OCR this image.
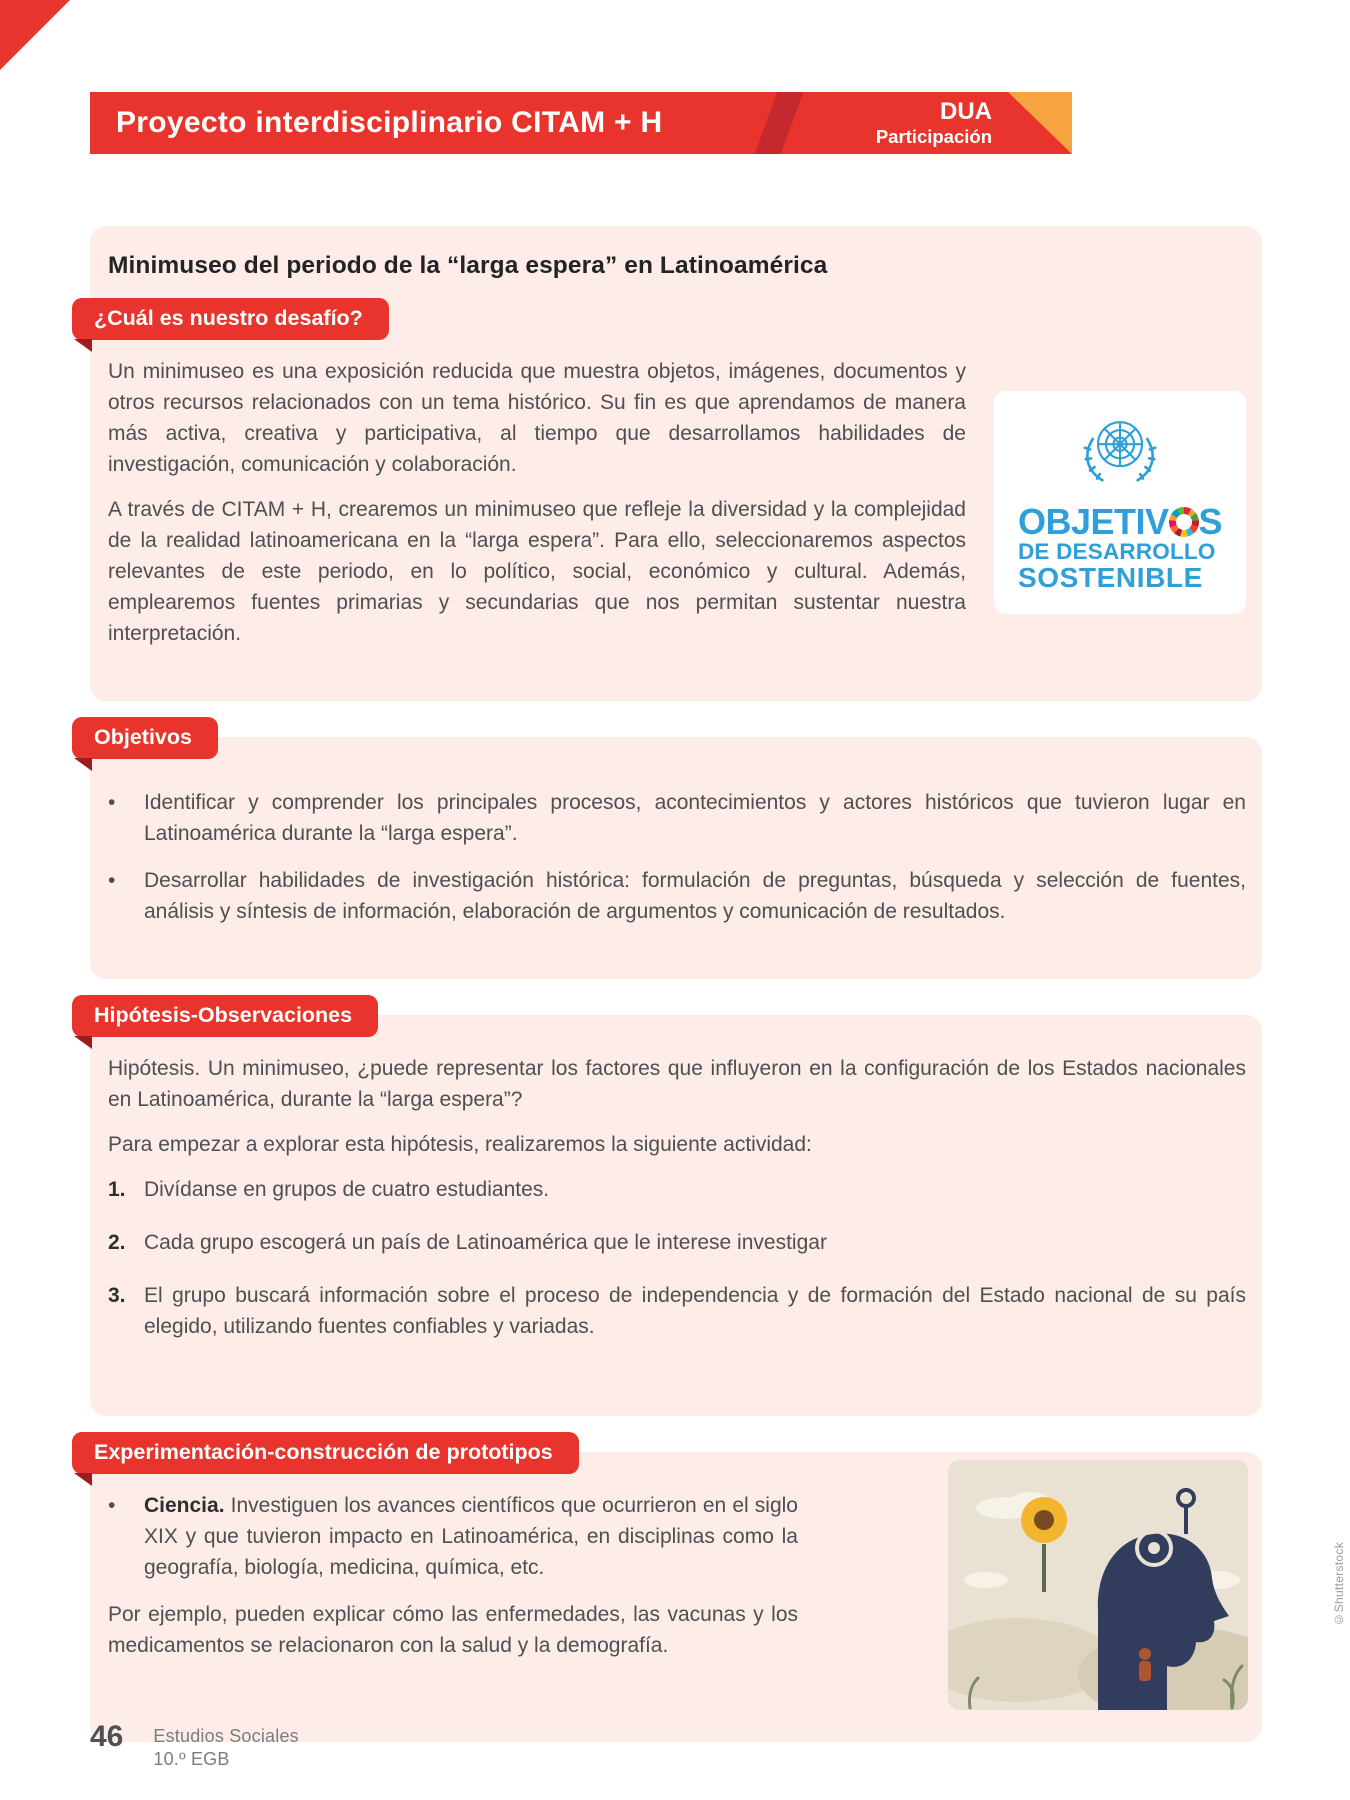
Proyecto interdisciplinario CITAM + H	DUA
Participación
Minimuseo del periodo de la “larga espera” en Latinoamérica
¿Cuál es nuestro desafío?

Un minimuseo es una exposición reducida que muestra objetos, imágenes, documentos y otros recursos relacionados con un tema histórico. Su fin es que aprendamos de manera más activa, creativa y participativa, al tiempo que desarrollamos habilidades de investigación, comunicación y colaboración.

A través de CITAM + H, crearemos un minimuseo que refleje la diversidad y la complejidad de la realidad latinoamericana en la “larga espera”. Para ello, seleccionaremos aspectos relevantes de este periodo, en lo político, social, económico y cultural. Además, emplearemos fuentes primarias y secundarias que nos permitan sustentar nuestra interpretación.

OBJETIV S
DE DESARROLLO
SOSTENIBLE
Objetivos
•
Identificar y comprender los principales procesos, acontecimientos y actores históricos que tuvieron lugar en Latinoamérica durante la “larga espera”.
•
Desarrollar habilidades de investigación histórica: formulación de preguntas, búsqueda y selección de fuentes, análisis y síntesis de información, elaboración de argumentos y comunicación de resultados.
Hipótesis-Observaciones

Hipótesis. Un minimuseo, ¿puede representar los factores que influyeron en la configuración de los Estados nacionales en Latinoamérica, durante la “larga espera”?

Para empezar a explorar esta hipótesis, realizaremos la siguiente actividad:

1. Divídanse en grupos de cuatro estudiantes.
2. Cada grupo escogerá un país de Latinoamérica que le interese investigar
3. El grupo buscará información sobre el proceso de independencia y de formación del Estado nacional de su país elegido, utilizando fuentes confiables y variadas.
Experimentación-construcción de prototipos
•
Ciencia. Investiguen los avances científicos que ocurrieron en el siglo XIX y que tuvieron impacto en Latinoamérica, en disciplinas como la geografía, biología, medicina, química, etc.

Por ejemplo, pueden explicar cómo las enfermedades, las vacunas y los medicamentos se relacionaron con la salud y la demografía.

©Shutterstock
46 Estudios Sociales
10.º EGB
